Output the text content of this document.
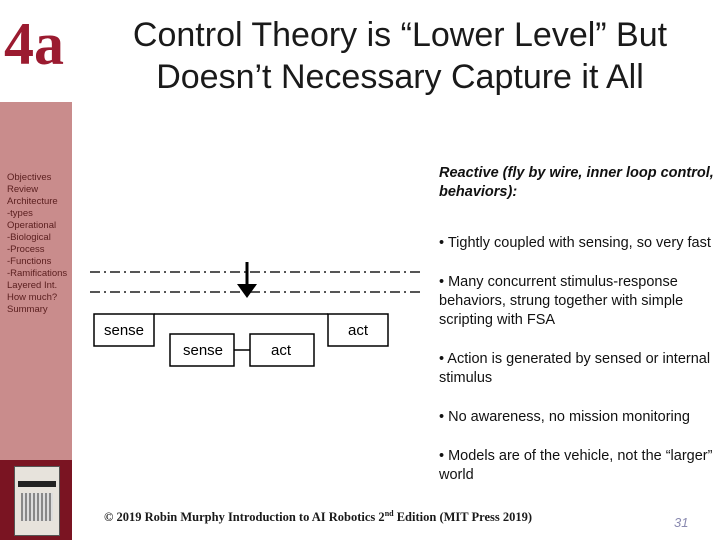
4a	Control Theory is “Lower Level” But
Doesn’t Necessary Capture it All
Objectives
Review
Architecture
-types
Operational
-Biological
-Process
-Functions
-Ramifications
Layered Int.
How much?
Summary
sense	act
sense	act
Reactive (fly by wire, inner loop control, behaviors):
• Tightly coupled with sensing, so very fast
• Many concurrent stimulus-response behaviors, strung together with simple scripting with FSA
• Action is generated by sensed or internal stimulus
• No awareness, no mission monitoring
• Models are of the vehicle, not the “larger” world
© 2019 Robin Murphy Introduction to AI Robotics 2nd Edition (MIT Press 2019)	31
